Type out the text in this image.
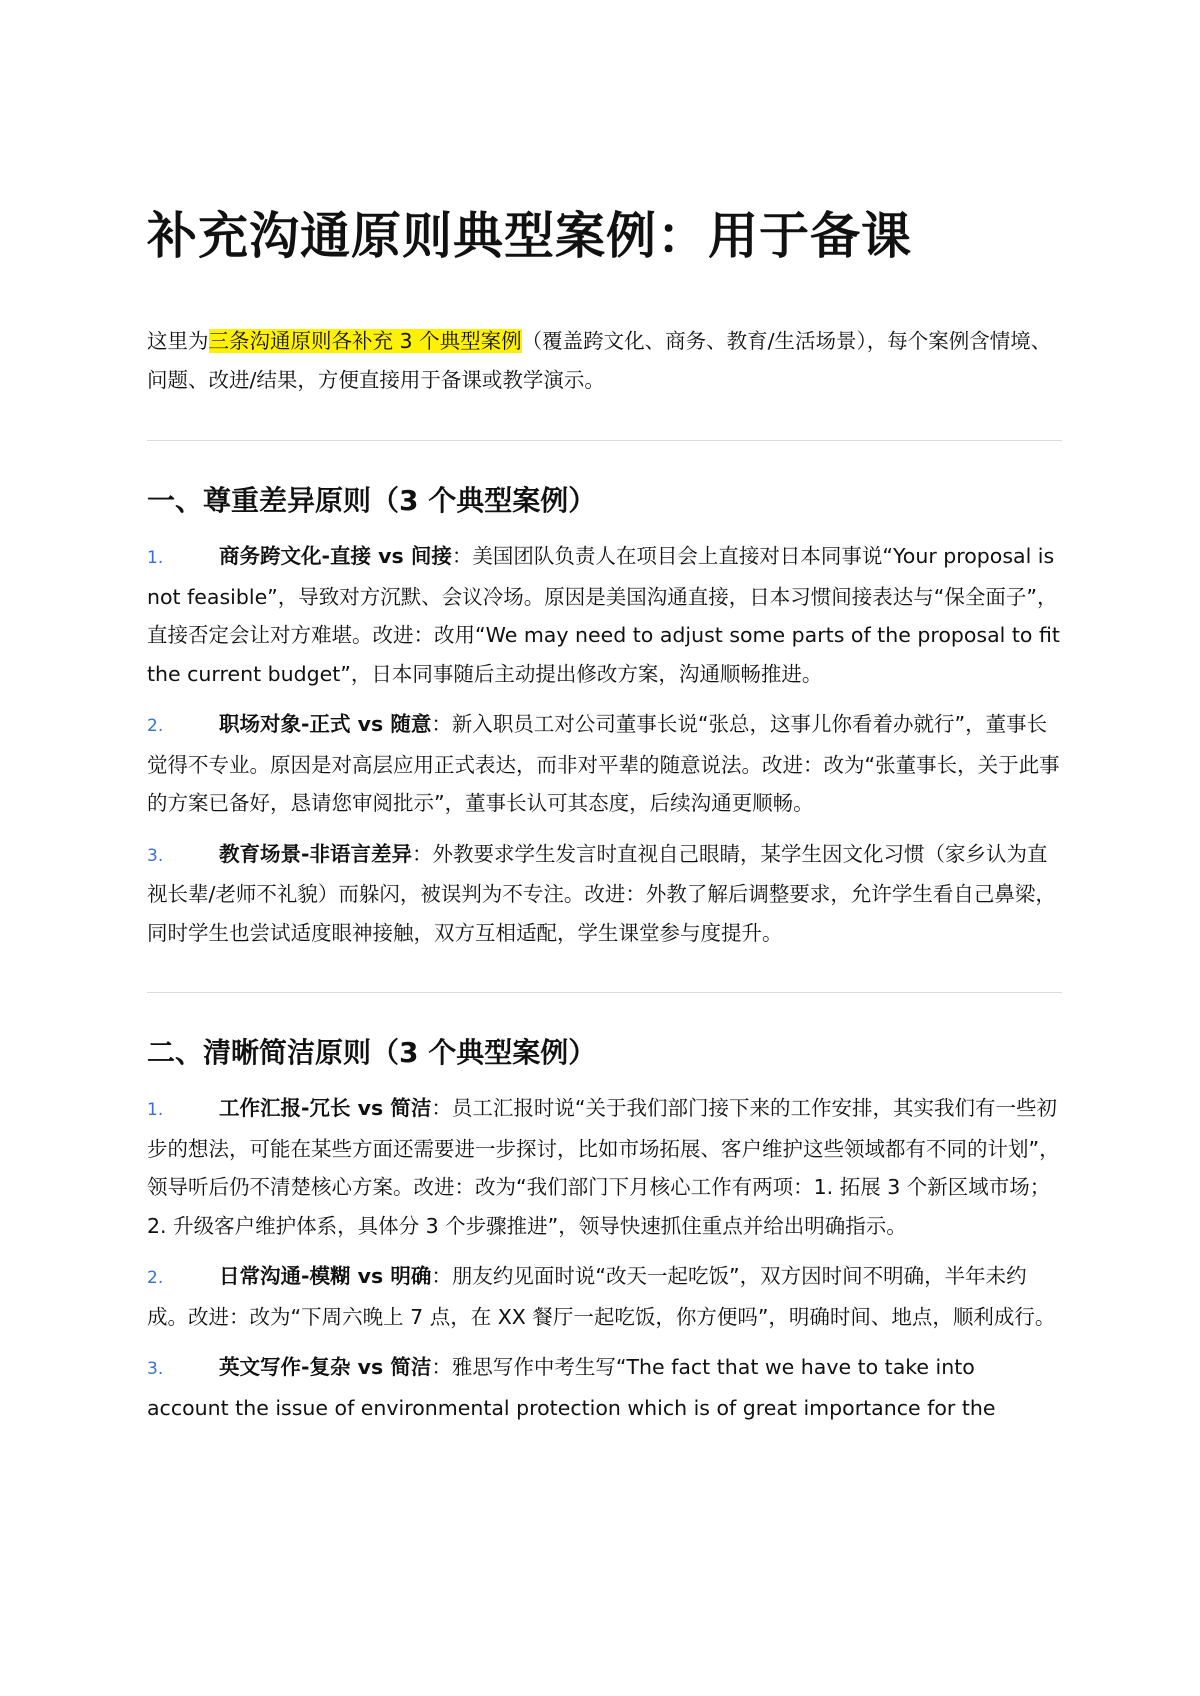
补充沟通原则典型案例：用于备课

这里为三条沟通原则各补充 3 个典型案例（覆盖跨文化、商务、教育/生活场景），每个案例含情境、问题、改进/结果，方便直接用于备课或教学演示。

一、尊重差异原则（3 个典型案例）

1.	商务跨文化-直接 vs 间接：美国团队负责人在项目会上直接对日本同事说“Your proposal is not feasible”，导致对方沉默、会议冷场。原因是美国沟通直接，日本习惯间接表达与“保全面子”，直接否定会让对方难堪。改进：改用“We may need to adjust some parts of the proposal to fit the current budget”，日本同事随后主动提出修改方案，沟通顺畅推进。

2.	职场对象-正式 vs 随意：新入职员工对公司董事长说“张总，这事儿你看着办就行”，董事长觉得不专业。原因是对高层应用正式表达，而非对平辈的随意说法。改进：改为“张董事长，关于此事的方案已备好，恳请您审阅批示”，董事长认可其态度，后续沟通更顺畅。

3.	教育场景-非语言差异：外教要求学生发言时直视自己眼睛，某学生因文化习惯（家乡认为直视长辈/老师不礼貌）而躲闪，被误判为不专注。改进：外教了解后调整要求，允许学生看自己鼻梁，同时学生也尝试适度眼神接触，双方互相适配，学生课堂参与度提升。

二、清晰简洁原则（3 个典型案例）

1.	工作汇报-冗长 vs 简洁：员工汇报时说“关于我们部门接下来的工作安排，其实我们有一些初步的想法，可能在某些方面还需要进一步探讨，比如市场拓展、客户维护这些领域都有不同的计划”，领导听后仍不清楚核心方案。改进：改为“我们部门下月核心工作有两项：1. 拓展 3 个新区域市场；2. 升级客户维护体系，具体分 3 个步骤推进”，领导快速抓住重点并给出明确指示。

2.	日常沟通-模糊 vs 明确：朋友约见面时说“改天一起吃饭”，双方因时间不明确，半年未约成。改进：改为“下周六晚上 7 点，在 XX 餐厅一起吃饭，你方便吗”，明确时间、地点，顺利成行。

3.	英文写作-复杂 vs 简洁：雅思写作中考生写“The fact that we have to take into account the issue of environmental protection which is of great importance for the
